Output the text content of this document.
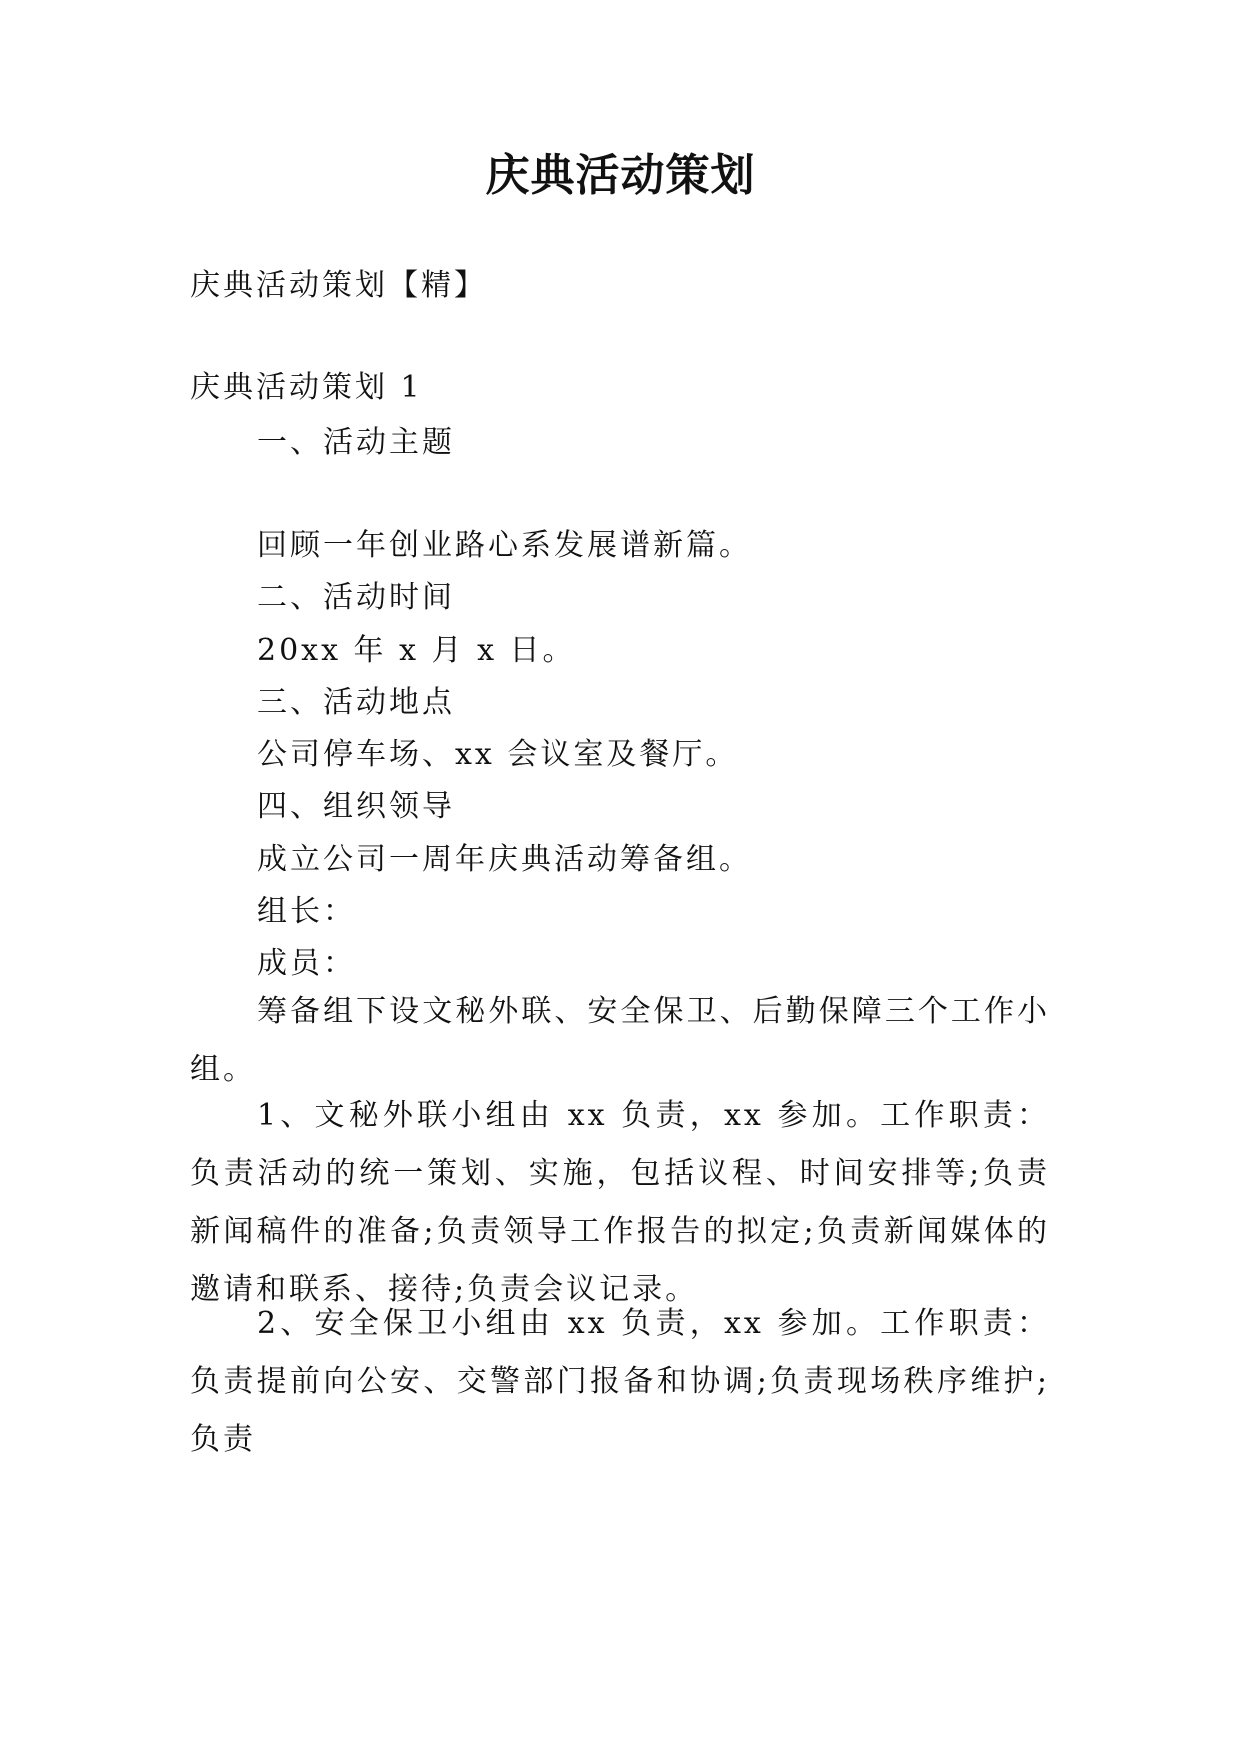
庆典活动策划
庆典活动策划【精】
庆典活动策划 1
一、活动主题
回顾一年创业路心系发展谱新篇。
二、活动时间
20xx 年 x 月 x 日。
三、活动地点
公司停车场、xx 会议室及餐厅。
四、组织领导
成立公司一周年庆典活动筹备组。
组长：
成员：
筹备组下设文秘外联、安全保卫、后勤保障三个工作小组。
1、文秘外联小组由 xx 负责，xx 参加。工作职责：负责活动的统一策划、实施，包括议程、时间安排等;负责新闻稿件的准备;负责领导工作报告的拟定;负责新闻媒体的邀请和联系、接待;负责会议记录。
2、安全保卫小组由 xx 负责，xx 参加。工作职责：负责提前向公安、交警部门报备和协调;负责现场秩序维护;负责
